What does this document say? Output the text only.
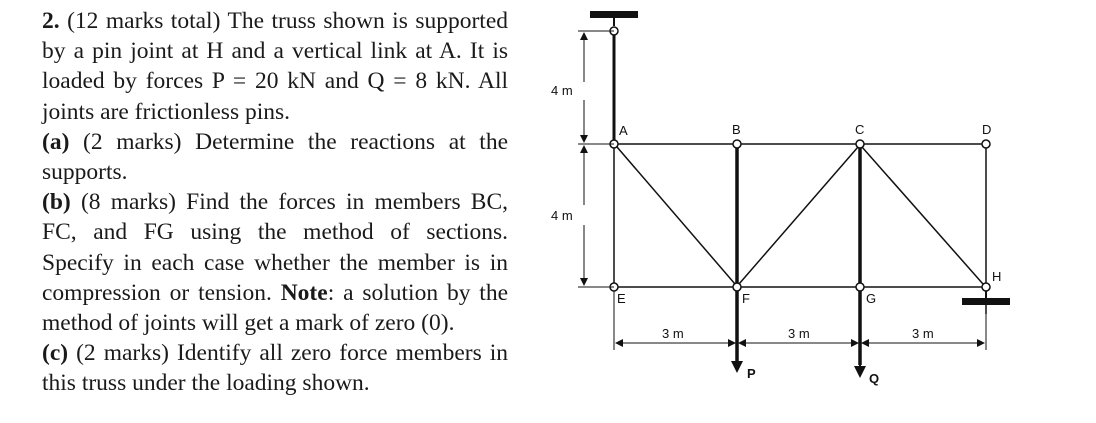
2. (12 marks total) The truss shown is supported by a pin joint at H and a vertical link at A. It is loaded by forces P = 20 kN and Q = 8 kN. All joints are frictionless pins.

(a) (2 marks) Determine the reactions at the supports.

(b) (8 marks) Find the forces in members BC, FC, and FG using the method of sections. Specify in each case whether the member is in compression or tension. Note: a solution by the method of joints will get a mark of zero (0).

(c) (2 marks) Identify all zero force members in this truss under the loading shown.

4 m
4 m
3 m	3 m	3 m
A	B	C	D
E	F	G
H
P	Q
